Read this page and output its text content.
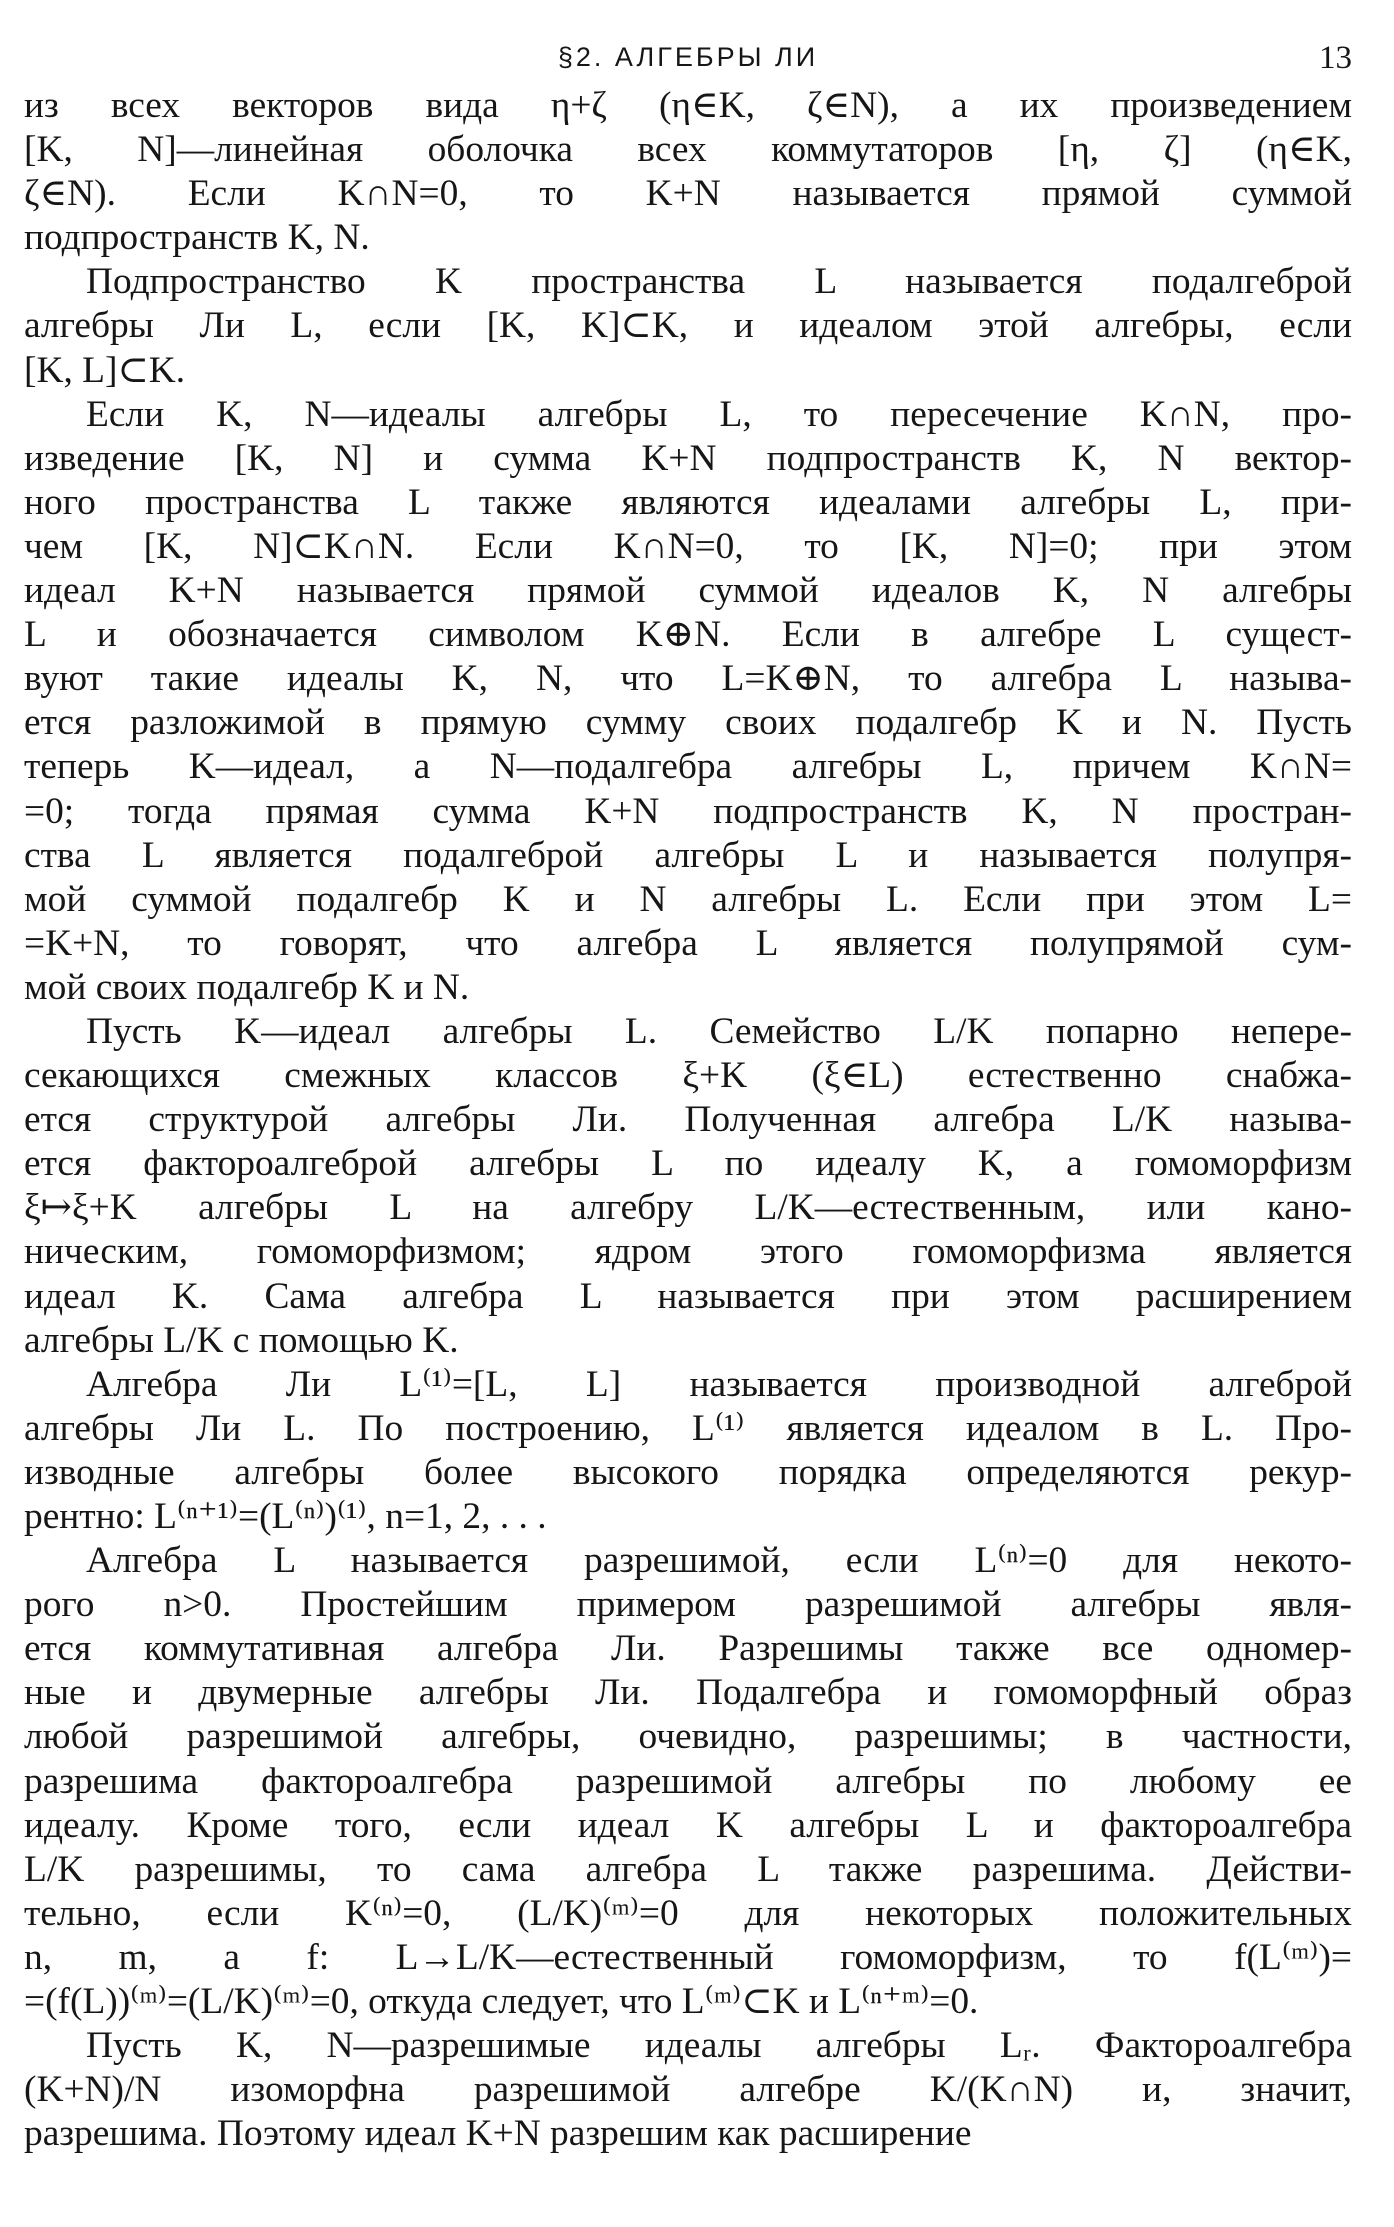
§2. АЛГЕБРЫ ЛИ	13
из всех векторов вида η+ζ (η∈K, ζ∈N), а их произведением
[K, N]—линейная оболочка всех коммутаторов [η, ζ] (η∈K,
ζ∈N). Если K∩N=0, то K+N называется прямой суммой
подпространств K, N.
Подпространство K пространства L называется подалгеброй
алгебры Ли L, если [K, K]⊂K, и идеалом этой алгебры, если
[K, L]⊂K.
Если K, N—идеалы алгебры L, то пересечение K∩N, про-
изведение [K, N] и сумма K+N подпространств K, N вектор-
ного пространства L также являются идеалами алгебры L, при-
чем [K, N]⊂K∩N. Если K∩N=0, то [K, N]=0; при этом
идеал K+N называется прямой суммой идеалов K, N алгебры
L и обозначается символом K⊕N. Если в алгебре L сущест-
вуют такие идеалы K, N, что L=K⊕N, то алгебра L называ-
ется разложимой в прямую сумму своих подалгебр K и N. Пусть
теперь K—идеал, а N—подалгебра алгебры L, причем K∩N=
=0; тогда прямая сумма K+N подпространств K, N простран-
ства L является подалгеброй алгебры L и называется полупря-
мой суммой подалгебр K и N алгебры L. Если при этом L=
=K+N, то говорят, что алгебра L является полупрямой сум-
мой своих подалгебр K и N.
Пусть K—идеал алгебры L. Семейство L/K попарно непере-
секающихся смежных классов ξ+K (ξ∈L) естественно снабжа-
ется структурой алгебры Ли. Полученная алгебра L/K называ-
ется фактороалгеброй алгебры L по идеалу K, а гомоморфизм
ξ↦ξ+K алгебры L на алгебру L/K—естественным, или кано-
ническим, гомоморфизмом; ядром этого гомоморфизма является
идеал K. Сама алгебра L называется при этом расширением
алгебры L/K с помощью K.
Алгебра Ли L⁽¹⁾=[L, L] называется производной алгеброй
алгебры Ли L. По построению, L⁽¹⁾ является идеалом в L. Про-
изводные алгебры более высокого порядка определяются рекур-
рентно: L⁽ⁿ⁺¹⁾=(L⁽ⁿ⁾)⁽¹⁾, n=1, 2, . . .
Алгебра L называется разрешимой, если L⁽ⁿ⁾=0 для некото-
рого n>0. Простейшим примером разрешимой алгебры явля-
ется коммутативная алгебра Ли. Разрешимы также все одномер-
ные и двумерные алгебры Ли. Подалгебра и гомоморфный образ
любой разрешимой алгебры, очевидно, разрешимы; в частности,
разрешима фактороалгебра разрешимой алгебры по любому ее
идеалу. Кроме того, если идеал K алгебры L и фактороалгебра
L/K разрешимы, то сама алгебра L также разрешима. Действи-
тельно, если K⁽ⁿ⁾=0, (L/K)⁽ᵐ⁾=0 для некоторых положительных
n, m, а f: L→L/K—естественный гомоморфизм, то f(L⁽ᵐ⁾)=
=(f(L))⁽ᵐ⁾=(L/K)⁽ᵐ⁾=0, откуда следует, что L⁽ᵐ⁾⊂K и L⁽ⁿ⁺ᵐ⁾=0.
Пусть K, N—разрешимые идеалы алгебры Lᵣ. Фактороалгебра
(K+N)/N изоморфна разрешимой алгебре K/(K∩N) и, значит,
разрешима. Поэтому идеал K+N разрешим как расширение
